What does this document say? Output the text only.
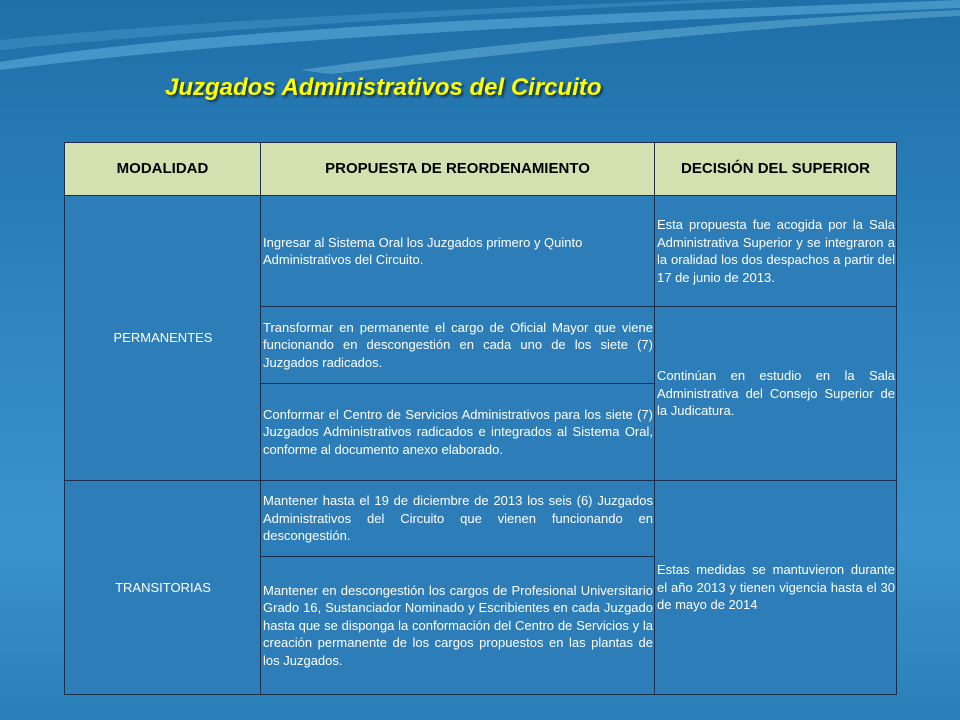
Juzgados Administrativos del Circuito
MODALIDAD	PROPUESTA DE REORDENAMIENTO	DECISIÓN DEL SUPERIOR
PERMANENTES	Ingresar al Sistema Oral los Juzgados primero y Quinto Administrativos del Circuito.	Esta propuesta fue acogida por la Sala Administrativa Superior y se integraron a la oralidad los dos despachos a partir del 17 de junio de 2013.
	Transformar en permanente el cargo de Oficial Mayor que viene funcionando en descongestión en cada uno de los siete (7) Juzgados radicados.	Continúan en estudio en la Sala Administrativa del Consejo Superior de la Judicatura.
	Conformar el Centro de Servicios Administrativos para los siete (7) Juzgados Administrativos radicados e integrados al Sistema Oral, conforme al documento anexo elaborado.	
TRANSITORIAS	Mantener hasta el 19 de diciembre de 2013 los seis (6) Juzgados Administrativos del Circuito que vienen funcionando en descongestión.	Estas medidas se mantuvieron durante el año 2013 y tienen vigencia hasta el 30 de mayo de 2014
	Mantener en descongestión los cargos de Profesional Universitario Grado 16, Sustanciador Nominado y Escribientes en cada Juzgado hasta que se disponga la conformación del Centro de Servicios y la creación permanente de los cargos propuestos en las plantas de los Juzgados.	
